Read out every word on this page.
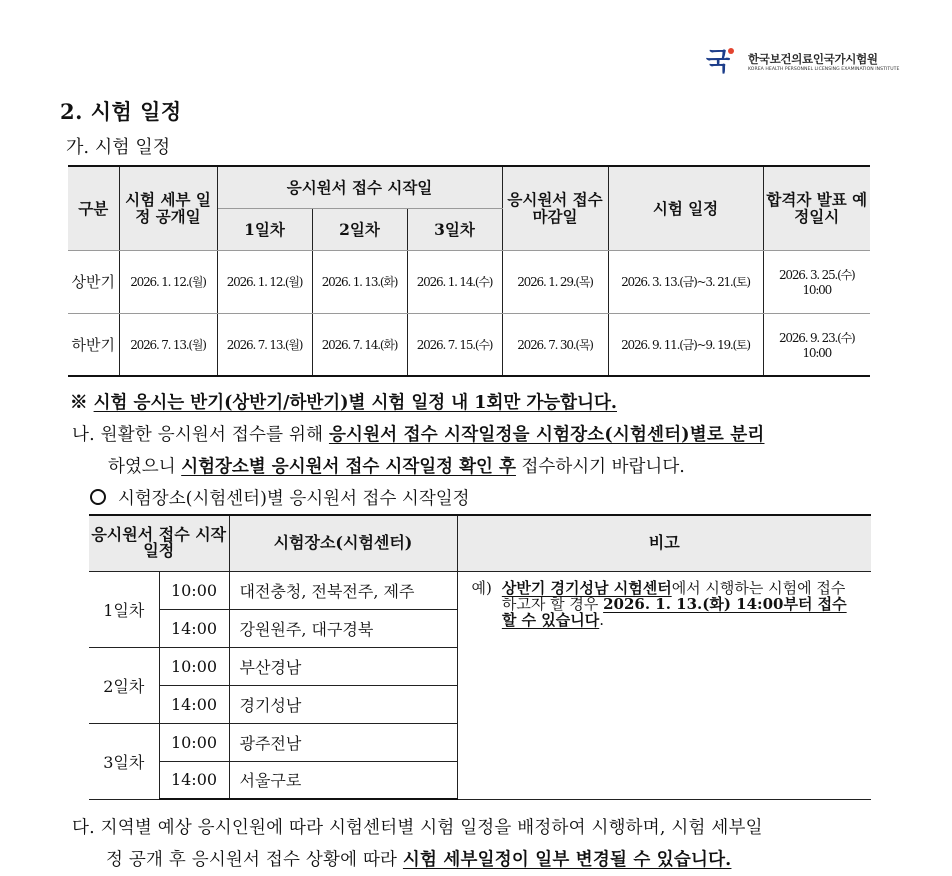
국 한국보건의료인국가시험원
KOREA HEALTH PERSONNEL LICENSING EXAMINATION INSTITUTE
2. 시험 일정
가. 시험 일정
구분	시험 세부 일정 공개일	응시원서 접수 시작일			응시원서 접수 마감일	시험 일정	합격자 발표 예정일시
		1일차	2일차	3일차			
상반기	2026. 1. 12.(월)	2026. 1. 12.(월)	2026. 1. 13.(화)	2026. 1. 14.(수)	2026. 1. 29.(목)	2026. 3. 13.(금)~3. 21.(토)	2026. 3. 25.(수)
10:00

하반기	2026. 7. 13.(월)	2026. 7. 13.(월)	2026. 7. 14.(화)	2026. 7. 15.(수)	2026. 7. 30.(목)	2026. 9. 11.(금)~9. 19.(토)	2026. 9. 23.(수)
10:00
※ 시험 응시는 반기(상반기/하반기)별 시험 일정 내 1회만 가능합니다.
나. 원활한 응시원서 접수를 위해 응시원서 접수 시작일정을 시험장소(시험센터)별로 분리
하였으니 시험장소별 응시원서 접수 시작일정 확인 후 접수하시기 바랍니다.
시험장소(시험센터)별 응시원서 접수 시작일정
응시원서 접수 시작일정		시험장소(시험센터)	비고
1일차	10:00	대전충청, 전북전주, 제주	예) 상반기 경기성남 시험센터에서 시행하는 시험에 접수하고자 할 경우 2026. 1. 13.(화) 14:00부터 접수할 수 있습니다.

	14:00	강원원주, 대구경북	
2일차	10:00	부산경남	
	14:00	경기성남	
3일차	10:00	광주전남	
	14:00	서울구로	
다. 지역별 예상 응시인원에 따라 시험센터별 시험 일정을 배정하여 시행하며, 시험 세부일
정 공개 후 응시원서 접수 상황에 따라 시험 세부일정이 일부 변경될 수 있습니다.
